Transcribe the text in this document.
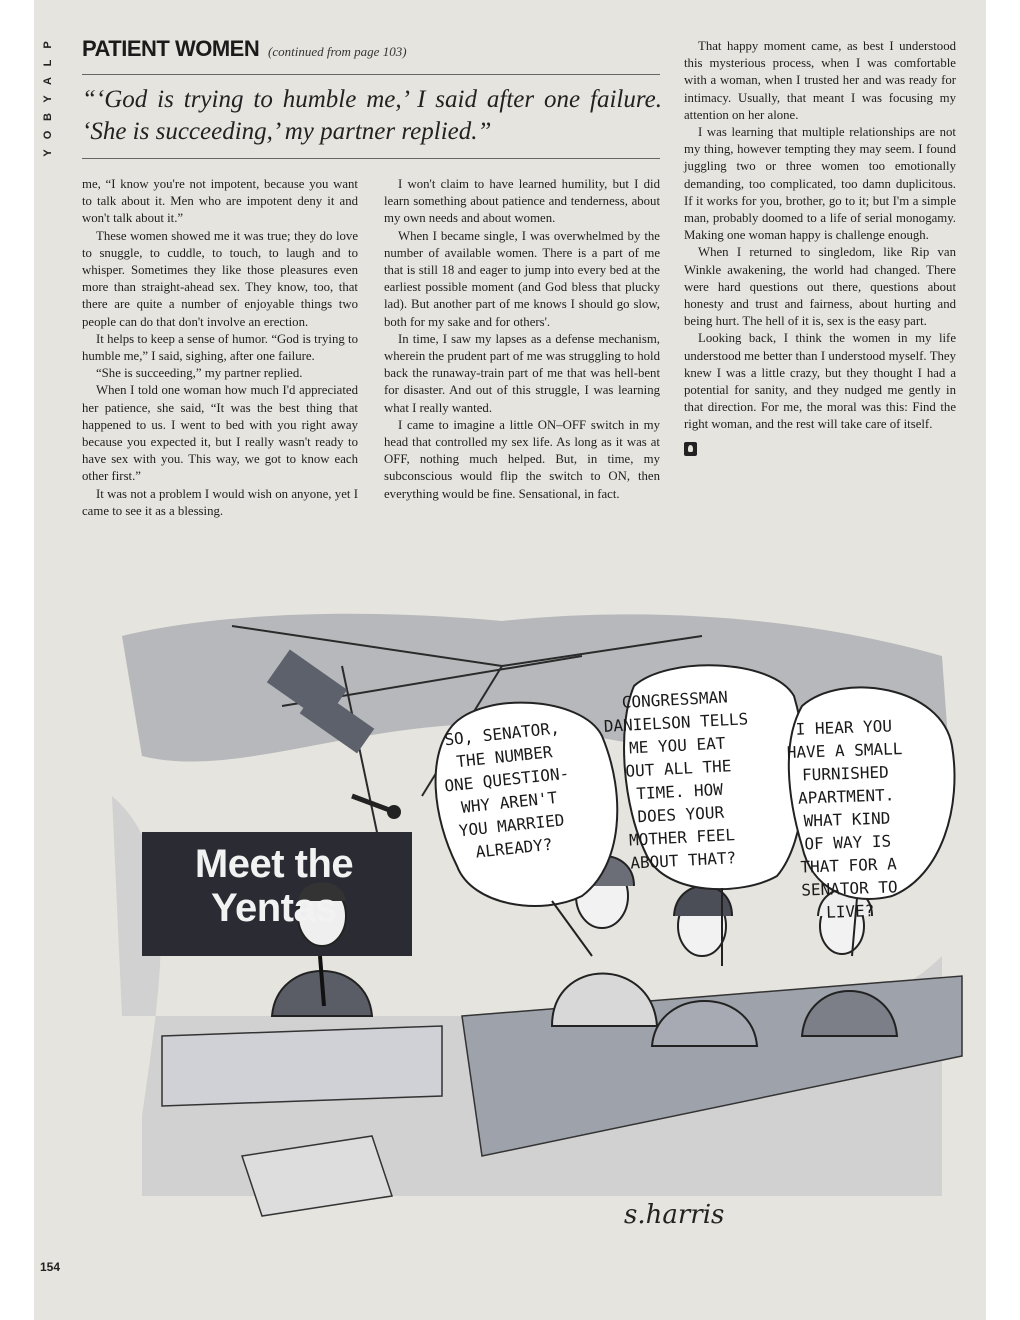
P
L
A
Y
B
O
Y
PATIENT WOMEN (continued from page 103)
“‘God is trying to humble me,’ I said after one failure. ‘She is succeeding,’ my partner replied.”

me, “I know you're not impotent, because you want to talk about it. Men who are impotent deny it and won't talk about it.”

These women showed me it was true; they do love to snuggle, to cuddle, to touch, to laugh and to whisper. Sometimes they like those pleasures even more than straight-ahead sex. They know, too, that there are quite a number of enjoyable things two people can do that don't involve an erection.

It helps to keep a sense of humor. “God is trying to humble me,” I said, sighing, after one failure.

“She is succeeding,” my partner replied.

When I told one woman how much I'd appreciated her patience, she said, “It was the best thing that happened to us. I went to bed with you right away because you expected it, but I really wasn't ready to have sex with you. This way, we got to know each other first.”

It was not a problem I would wish on anyone, yet I came to see it as a blessing.

I won't claim to have learned humility, but I did learn something about patience and tenderness, about my own needs and about women.

When I became single, I was overwhelmed by the number of available women. There is a part of me that is still 18 and eager to jump into every bed at the earliest possible moment (and God bless that plucky lad). But another part of me knows I should go slow, both for my sake and for others'.

In time, I saw my lapses as a defense mechanism, wherein the prudent part of me was struggling to hold back the runaway-train part of me that was hell-bent for disaster. And out of this struggle, I was learning what I really wanted.

I came to imagine a little ON–OFF switch in my head that controlled my sex life. As long as it was at OFF, nothing much helped. But, in time, my subconscious would flip the switch to ON, then everything would be fine. Sensational, in fact.

That happy moment came, as best I understood this mysterious process, when I was comfortable with a woman, when I trusted her and was ready for intimacy. Usually, that meant I was focusing my attention on her alone.

I was learning that multiple relationships are not my thing, however tempting they may seem. I found juggling two or three women too emotionally demanding, too complicated, too damn duplicitous. If it works for you, brother, go to it; but I'm a simple man, probably doomed to a life of serial monogamy. Making one woman happy is challenge enough.

When I returned to singledom, like Rip van Winkle awakening, the world had changed. There were hard questions out there, questions about honesty and trust and fairness, about hurting and being hurt. The hell of it is, sex is the easy part.

Looking back, I think the women in my life understood me better than I understood myself. They knew I was a little crazy, but they thought I had a potential for sanity, and they nudged me gently in that direction. For me, the moral was this: Find the right woman, and the rest will take care of itself.

Meet the
Yentas
SO, SENATOR,
THE NUMBER
ONE QUESTION-
WHY AREN'T
YOU MARRIED
ALREADY?
CONGRESSMAN
DANIELSON TELLS
ME YOU EAT
OUT ALL THE
TIME. HOW
DOES YOUR
MOTHER FEEL
ABOUT THAT?
I HEAR YOU
HAVE A SMALL
FURNISHED
APARTMENT.
WHAT KIND
OF WAY IS
THAT FOR A
SENATOR TO
LIVE?
s.harris
154
